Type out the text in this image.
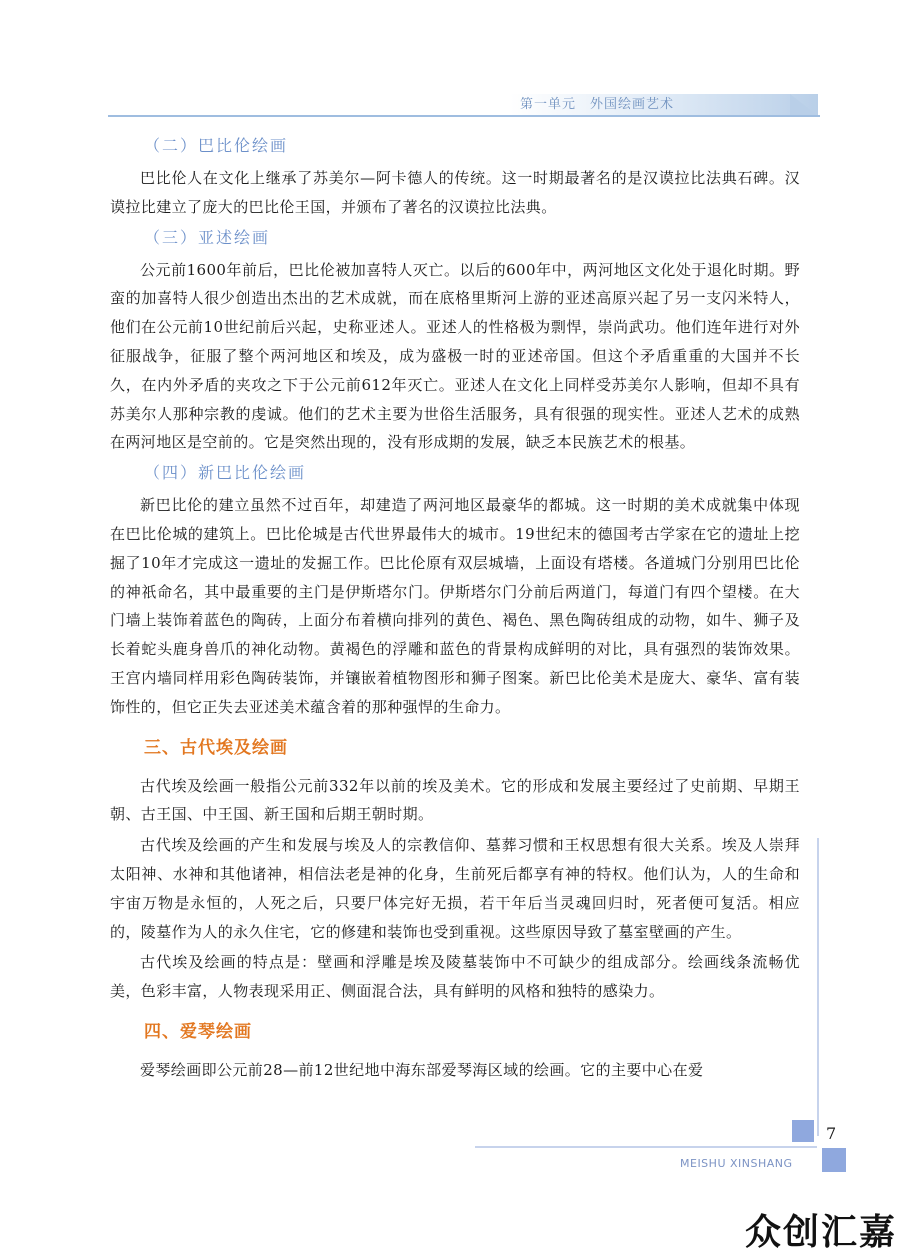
第一单元　外国绘画艺术
（二）巴比伦绘画

巴比伦人在文化上继承了苏美尔—阿卡德人的传统。这一时期最著名的是汉谟拉比法典石碑。汉谟拉比建立了庞大的巴比伦王国，并颁布了著名的汉谟拉比法典。

（三）亚述绘画

公元前1600年前后，巴比伦被加喜特人灭亡。以后的600年中，两河地区文化处于退化时期。野蛮的加喜特人很少创造出杰出的艺术成就，而在底格里斯河上游的亚述高原兴起了另一支闪米特人，他们在公元前10世纪前后兴起，史称亚述人。亚述人的性格极为剽悍，崇尚武功。他们连年进行对外征服战争，征服了整个两河地区和埃及，成为盛极一时的亚述帝国。但这个矛盾重重的大国并不长久，在内外矛盾的夹攻之下于公元前612年灭亡。亚述人在文化上同样受苏美尔人影响，但却不具有苏美尔人那种宗教的虔诚。他们的艺术主要为世俗生活服务，具有很强的现实性。亚述人艺术的成熟在两河地区是空前的。它是突然出现的，没有形成期的发展，缺乏本民族艺术的根基。

（四）新巴比伦绘画

新巴比伦的建立虽然不过百年，却建造了两河地区最豪华的都城。这一时期的美术成就集中体现在巴比伦城的建筑上。巴比伦城是古代世界最伟大的城市。19世纪末的德国考古学家在它的遗址上挖掘了10年才完成这一遗址的发掘工作。巴比伦原有双层城墙，上面设有塔楼。各道城门分别用巴比伦的神祇命名，其中最重要的主门是伊斯塔尔门。伊斯塔尔门分前后两道门，每道门有四个望楼。在大门墙上装饰着蓝色的陶砖，上面分布着横向排列的黄色、褐色、黑色陶砖组成的动物，如牛、狮子及长着蛇头鹿身兽爪的神化动物。黄褐色的浮雕和蓝色的背景构成鲜明的对比，具有强烈的装饰效果。王宫内墙同样用彩色陶砖装饰，并镶嵌着植物图形和狮子图案。新巴比伦美术是庞大、豪华、富有装饰性的，但它正失去亚述美术蕴含着的那种强悍的生命力。

三、古代埃及绘画

古代埃及绘画一般指公元前332年以前的埃及美术。它的形成和发展主要经过了史前期、早期王朝、古王国、中王国、新王国和后期王朝时期。

古代埃及绘画的产生和发展与埃及人的宗教信仰、墓葬习惯和王权思想有很大关系。埃及人崇拜太阳神、水神和其他诸神，相信法老是神的化身，生前死后都享有神的特权。他们认为，人的生命和宇宙万物是永恒的，人死之后，只要尸体完好无损，若干年后当灵魂回归时，死者便可复活。相应的，陵墓作为人的永久住宅，它的修建和装饰也受到重视。这些原因导致了墓室壁画的产生。

古代埃及绘画的特点是：壁画和浮雕是埃及陵墓装饰中不可缺少的组成部分。绘画线条流畅优美，色彩丰富，人物表现采用正、侧面混合法，具有鲜明的风格和独特的感染力。

四、爱琴绘画

爱琴绘画即公元前28—前12世纪地中海东部爱琴海区域的绘画。它的主要中心在爱

7
MEISHU XINSHANG
众创汇嘉
